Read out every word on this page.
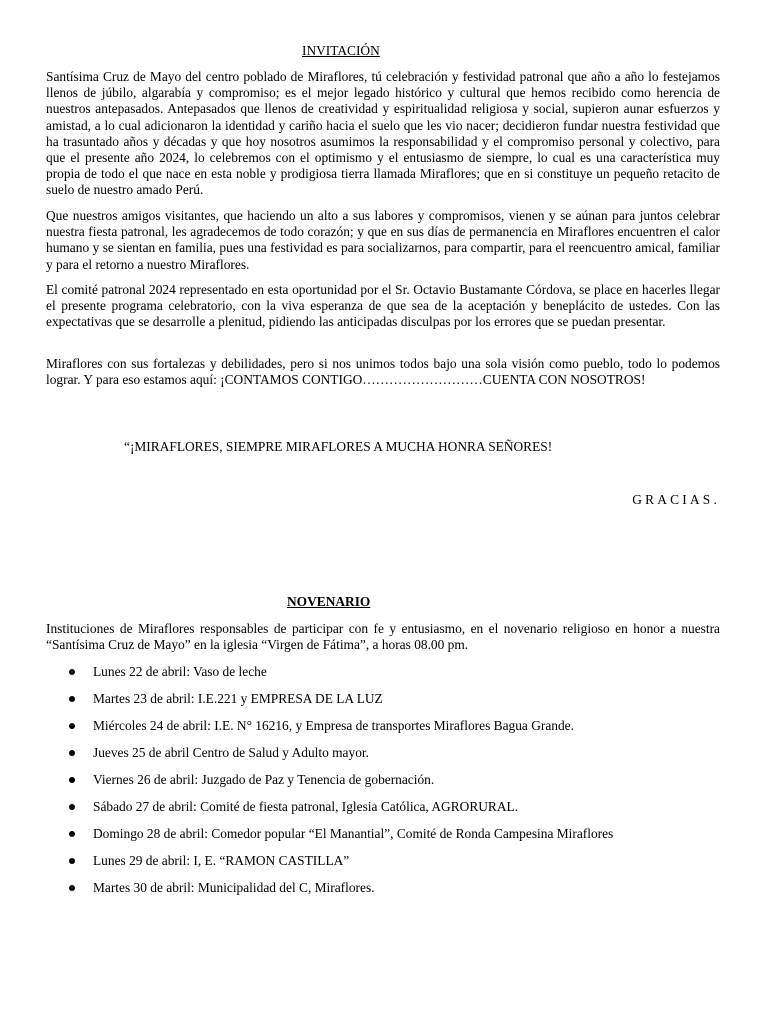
INVITACIÓN

Santísima Cruz de Mayo del centro poblado de Miraflores, tú celebración y festividad patronal que año a año lo festejamos llenos de júbilo, algarabía y compromiso; es el mejor legado histórico y cultural que hemos recibido como herencia de nuestros antepasados. Antepasados que llenos de creatividad y espiritualidad religiosa y social, supieron aunar esfuerzos y amistad, a lo cual adicionaron la identidad y cariño hacia el suelo que les vio nacer; decidieron fundar nuestra festividad que ha trasuntado años y décadas y que hoy nosotros asumimos la responsabilidad y el compromiso personal y colectivo, para que el presente año 2024, lo celebremos con el optimismo y el entusiasmo de siempre, lo cual es una característica muy propia de todo el que nace en esta noble y prodigiosa tierra llamada Miraflores; que en si constituye un pequeño retacito de suelo de nuestro amado Perú.

Que nuestros amigos visitantes, que haciendo un alto a sus labores y compromisos, vienen y se aúnan para juntos celebrar nuestra fiesta patronal, les agradecemos de todo corazón; y que en sus días de permanencia en Miraflores encuentren el calor humano y se sientan en familia, pues una festividad es para socializarnos, para compartir, para el reencuentro amical, familiar y para el retorno a nuestro Miraflores.

El comité patronal 2024 representado en esta oportunidad por el Sr. Octavio Bustamante Córdova, se place en hacerles llegar el presente programa celebratorio, con la viva esperanza de que sea de la aceptación y beneplácito de ustedes. Con las expectativas que se desarrolle a plenitud, pidiendo las anticipadas disculpas por los errores que se puedan presentar.

Miraflores con sus fortalezas y debilidades, pero si nos unimos todos bajo una sola visión como pueblo, todo lo podemos lograr. Y para eso estamos aquí: ¡CONTAMOS CONTIGO………………………CUENTA CON NOSOTROS!

“¡MIRAFLORES, SIEMPRE MIRAFLORES A MUCHA HONRA SEÑORES!

GRACIAS.

NOVENARIO

Instituciones de Miraflores responsables de participar con fe y entusiasmo, en el novenario religioso en honor a nuestra “Santísima Cruz de Mayo” en la iglesia “Virgen de Fátima”, a horas 08.00 pm.

Lunes 22 de abril: Vaso de leche
Martes 23 de abril: I.E.221 y EMPRESA DE LA LUZ
Miércoles 24 de abril: I.E. N° 16216, y Empresa de transportes Miraflores Bagua Grande.
Jueves 25 de abril Centro de Salud y Adulto mayor.
Viernes 26 de abril: Juzgado de Paz y Tenencia de gobernación.
Sábado 27 de abril: Comité de fiesta patronal, Iglesia Católica, AGRORURAL.
Domingo 28 de abril: Comedor popular “El Manantial”, Comité de Ronda Campesina Miraflores
Lunes 29 de abril: I, E. “RAMON CASTILLA”
Martes 30 de abril: Municipalidad del C, Miraflores.
